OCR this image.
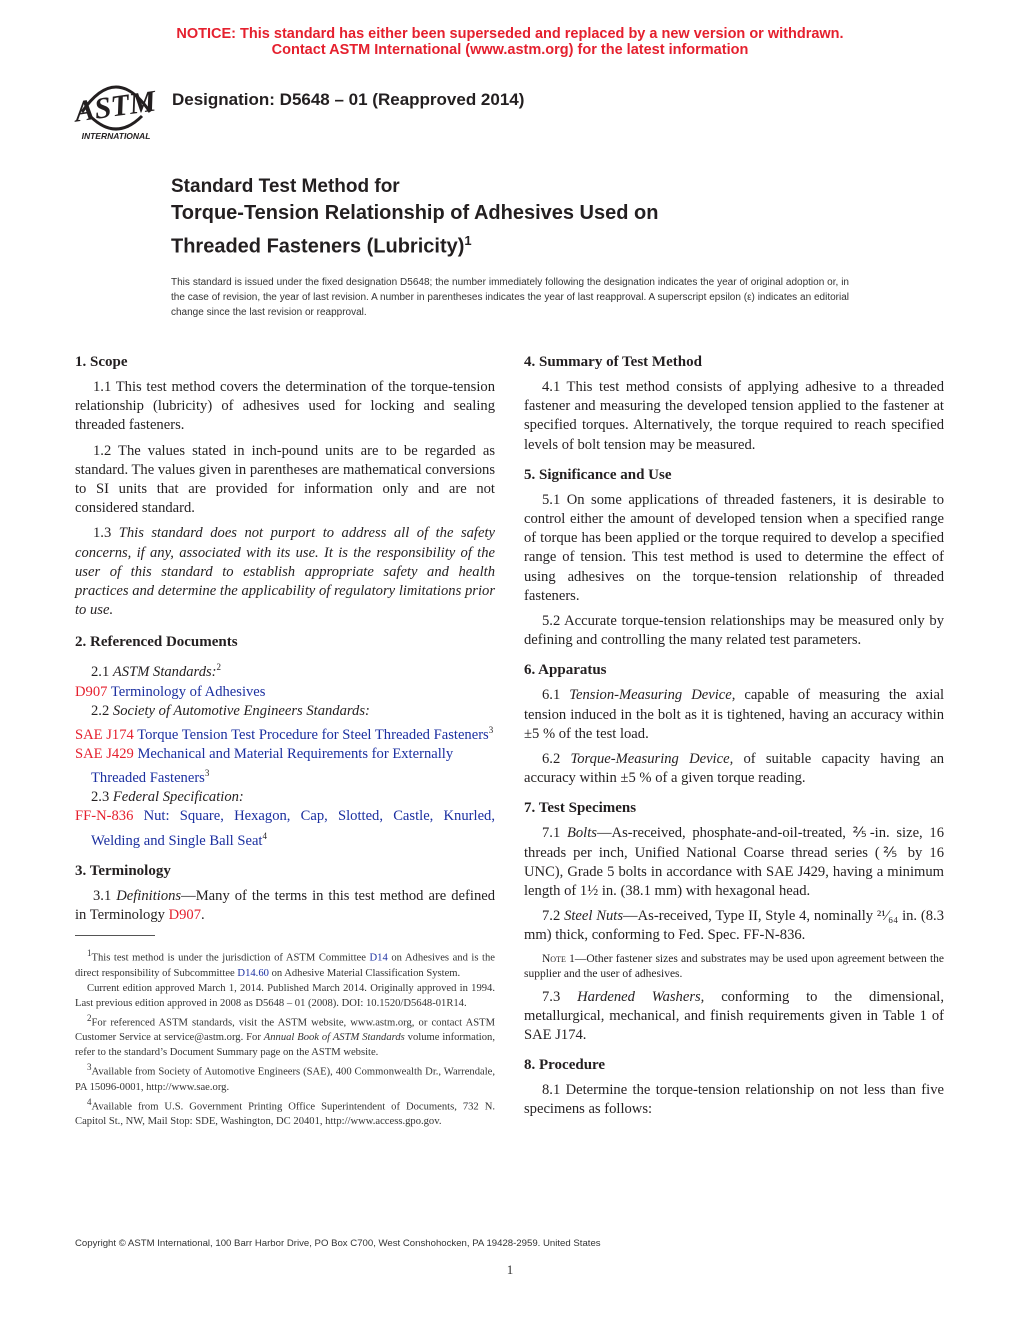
NOTICE: This standard has either been superseded and replaced by a new version or withdrawn.
Contact ASTM International (www.astm.org) for the latest information
ASTM
INTERNATIONAL
Designation: D5648 – 01 (Reapproved 2014)
Standard Test Method for
Torque-Tension Relationship of Adhesives Used on
Threaded Fasteners (Lubricity)$^1$
This standard is issued under the fixed designation D5648; the number immediately following the designation indicates the year of original adoption or, in the case of revision, the year of last revision. A number in parentheses indicates the year of last reapproval. A superscript epsilon (ε) indicates an editorial change since the last revision or reapproval.
1. Scope

1.1 This test method covers the determination of the torque-tension relationship (lubricity) of adhesives used for locking and sealing threaded fasteners.

1.2 The values stated in inch-pound units are to be regarded as standard. The values given in parentheses are mathematical conversions to SI units that are provided for information only and are not considered standard.

1.3 This standard does not purport to address all of the safety concerns, if any, associated with its use. It is the responsibility of the user of this standard to establish appropriate safety and health practices and determine the applicability of regulatory limitations prior to use.

2. Referenced Documents

2.1 ASTM Standards:$^2$

D907 Terminology of Adhesives

2.2 Society of Automotive Engineers Standards:

SAE J174 Torque Tension Test Procedure for Steel Threaded Fasteners$^3$

SAE J429 Mechanical and Material Requirements for Externally Threaded Fasteners$^3$

2.3 Federal Specification:

FF-N-836 Nut: Square, Hexagon, Cap, Slotted, Castle, Knurled, Welding and Single Ball Seat$^4$

3. Terminology

3.1 Definitions—Many of the terms in this test method are defined in Terminology D907.

$^1$This test method is under the jurisdiction of ASTM Committee D14 on Adhesives and is the direct responsibility of Subcommittee D14.60 on Adhesive Material Classification System.

Current edition approved March 1, 2014. Published March 2014. Originally approved in 1994. Last previous edition approved in 2008 as D5648 – 01 (2008). DOI: 10.1520/D5648-01R14.

$^2$For referenced ASTM standards, visit the ASTM website, www.astm.org, or contact ASTM Customer Service at service@astm.org. For Annual Book of ASTM Standards volume information, refer to the standard’s Document Summary page on the ASTM website.

$^3$Available from Society of Automotive Engineers (SAE), 400 Commonwealth Dr., Warrendale, PA 15096-0001, http://www.sae.org.

$^4$Available from U.S. Government Printing Office Superintendent of Documents, 732 N. Capitol St., NW, Mail Stop: SDE, Washington, DC 20401, http://www.access.gpo.gov.

4. Summary of Test Method

4.1 This test method consists of applying adhesive to a threaded fastener and measuring the developed tension applied to the fastener at specified torques. Alternatively, the torque required to reach specified levels of bolt tension may be measured.

5. Significance and Use

5.1 On some applications of threaded fasteners, it is desirable to control either the amount of developed tension when a specified range of torque has been applied or the torque required to develop a specified range of tension. This test method is used to determine the effect of using adhesives on the torque-tension relationship of threaded fasteners.

5.2 Accurate torque-tension relationships may be measured only by defining and controlling the many related test parameters.

6. Apparatus

6.1 Tension-Measuring Device, capable of measuring the axial tension induced in the bolt as it is tightened, having an accuracy within ±5 % of the test load.

6.2 Torque-Measuring Device, of suitable capacity having an accuracy within ±5 % of a given torque reading.

7. Test Specimens

7.1 Bolts—As-received, phosphate-and-oil-treated, ⅖-in. size, 16 threads per inch, Unified National Coarse thread series (⅖ by 16 UNC), Grade 5 bolts in accordance with SAE J429, having a minimum length of 1½ in. (38.1 mm) with hexagonal head.

7.2 Steel Nuts—As-received, Type II, Style 4, nominally ²¹⁄₆₄ in. (8.3 mm) thick, conforming to Fed. Spec. FF-N-836.

Note 1—Other fastener sizes and substrates may be used upon agreement between the supplier and the user of adhesives.

7.3 Hardened Washers, conforming to the dimensional, metallurgical, mechanical, and finish requirements given in Table 1 of SAE J174.

8. Procedure

8.1 Determine the torque-tension relationship on not less than five specimens as follows:

Copyright © ASTM International, 100 Barr Harbor Drive, PO Box C700, West Conshohocken, PA 19428-2959. United States
1
